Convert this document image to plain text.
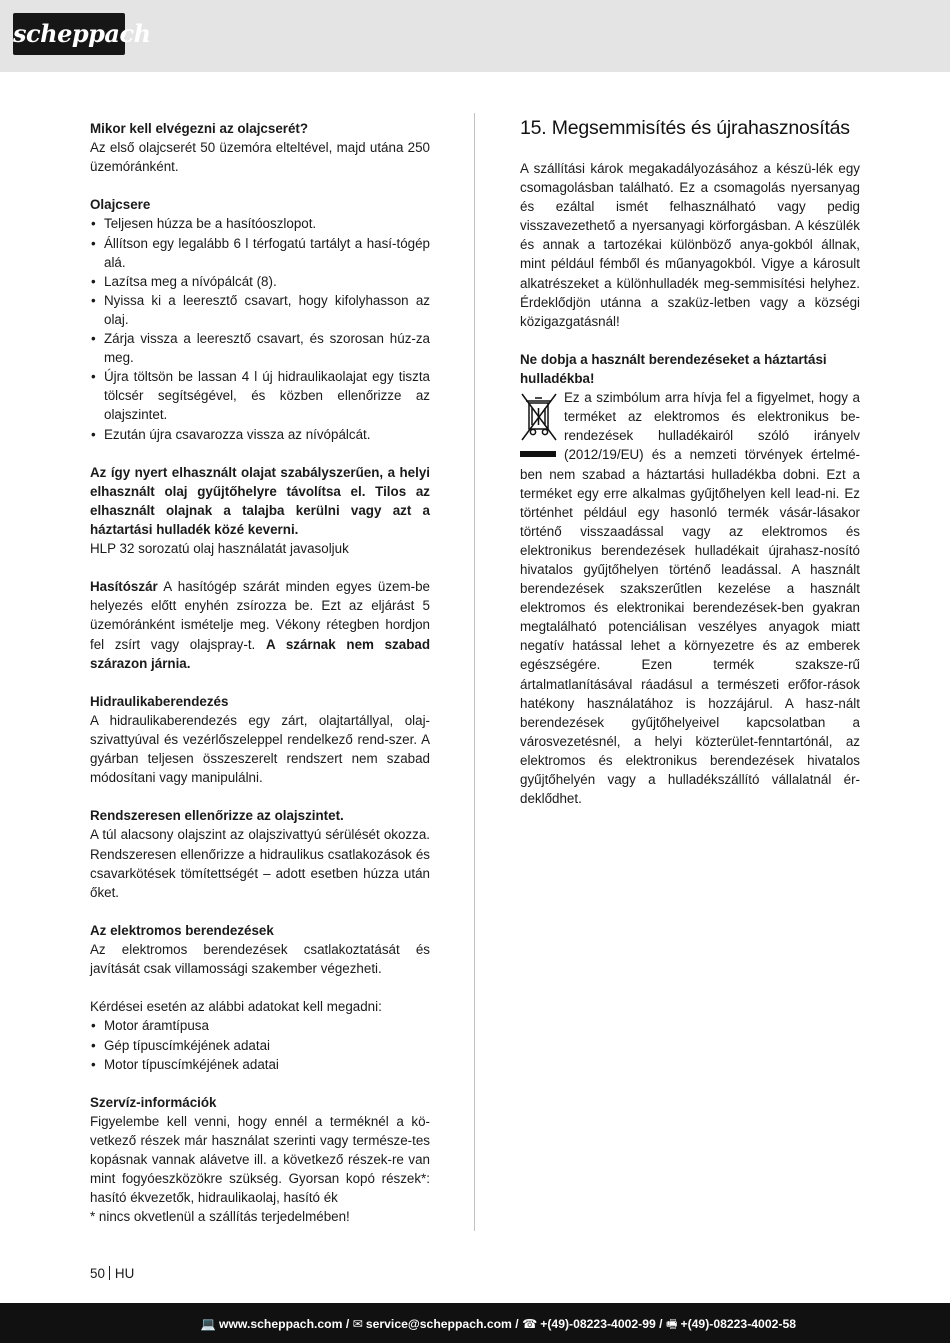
scheppach

Mikor kell elvégezni az olajcserét?

Az első olajcserét 50 üzemóra elteltével, majd utána 250 üzemóránként.

Olajcsere

• Teljesen húzza be a hasítóoszlopot.
• Állítson egy legalább 6 l térfogatú tartályt a hasí-tógép alá.
• Lazítsa meg a nívópálcát (8).
• Nyissa ki a leeresztő csavart, hogy kifolyhasson az olaj.
• Zárja vissza a leeresztő csavart, és szorosan húz-za meg.
• Újra töltsön be lassan 4 l új hidraulikaolajat egy tiszta tölcsér segítségével, és közben ellenőrizze az olajszintet.
• Ezután újra csavarozza vissza az nívópálcát.

Az így nyert elhasznált olajat szabályszerűen, a helyi elhasznált olaj gyűjtőhelyre távolítsa el. Tilos az elhasznált olajnak a talajba kerülni vagy azt a háztartási hulladék közé keverni.

HLP 32 sorozatú olaj használatát javasoljuk

Hasítószár A hasítógép szárát minden egyes üzem-be helyezés előtt enyhén zsírozza be. Ezt az eljárást 5 üzemóránként ismételje meg. Vékony rétegben hordjon fel zsírt vagy olajspray-t. A szárnak nem szabad szárazon járnia.

Hidraulikaberendezés

A hidraulikaberendezés egy zárt, olajtartállyal, olaj-szivattyúval és vezérlőszeleppel rendelkező rend-szer. A gyárban teljesen összeszerelt rendszert nem szabad módosítani vagy manipulálni.

Rendszeresen ellenőrizze az olajszintet.

A túl alacsony olajszint az olajszivattyú sérülését okozza. Rendszeresen ellenőrizze a hidraulikus csatlakozások és csavarkötések tömítettségét – adott esetben húzza után őket.

Az elektromos berendezések

Az elektromos berendezések csatlakoztatását és javítását csak villamossági szakember végezheti.

Kérdései esetén az alábbi adatokat kell megadni:

• Motor áramtípusa
• Gép típuscímkéjének adatai
• Motor típuscímkéjének adatai

Szervíz-információk

Figyelembe kell venni, hogy ennél a terméknél a kö-vetkező részek már használat szerinti vagy természe-tes kopásnak vannak alávetve ill. a következő részek-re van mint fogyóeszközökre szükség. Gyorsan kopó részek*: hasító ékvezetők, hidraulikaolaj, hasító ék

* nincs okvetlenül a szállítás terjedelmében!

15. Megsemmisítés és újrahasznosítás

A szállítási károk megakadályozásához a készü-lék egy csomagolásban található. Ez a csomagolás nyersanyag és ezáltal ismét felhasználható vagy pedig visszavezethető a nyersanyagi körforgásban. A készülék és annak a tartozékai különböző anya-gokból állnak, mint például fémből és műanyagokból. Vigye a károsult alkatrészeket a különhulladék meg-semmisítési helyhez. Érdeklődjön utánna a szaküz-letben vagy a községi közigazgatásnál!

Ne dobja a használt berendezéseket a háztartási hulladékba!

Ez a szimbólum arra hívja fel a figyelmet, hogy a terméket az elektromos és elektronikus be-rendezések hulladékairól szóló irányelv (2012/19/EU) és a nemzeti törvények értelmé-ben nem szabad a háztartási hulladékba dobni. Ezt a terméket egy erre alkalmas gyűjtőhelyen kell lead-ni. Ez történhet például egy hasonló termék vásár-lásakor történő visszaadással vagy az elektromos és elektronikus berendezések hulladékait újrahasz-nosító hivatalos gyűjtőhelyen történő leadással. A használt berendezések szakszerűtlen kezelése a használt elektromos és elektronikai berendezések-ben gyakran megtalálható potenciálisan veszélyes anyagok miatt negatív hatással lehet a környezetre és az emberek egészségére. Ezen termék szaksze-rű ártalmatlanításával ráadásul a természeti erőfor-rások hatékony használatához is hozzájárul. A hasz-nált berendezések gyűjtőhelyeivel kapcsolatban a városvezetésnél, a helyi közterület-fenntartónál, az elektromos és elektronikus berendezések hivatalos gyűjtőhelyén vagy a hulladékszállító vállalatnál ér-deklődhet.

50 HU
💻 www.scheppach.com / ✉ service@scheppach.com / ☎ +(49)-08223-4002-99 / 🖷 +(49)-08223-4002-58
